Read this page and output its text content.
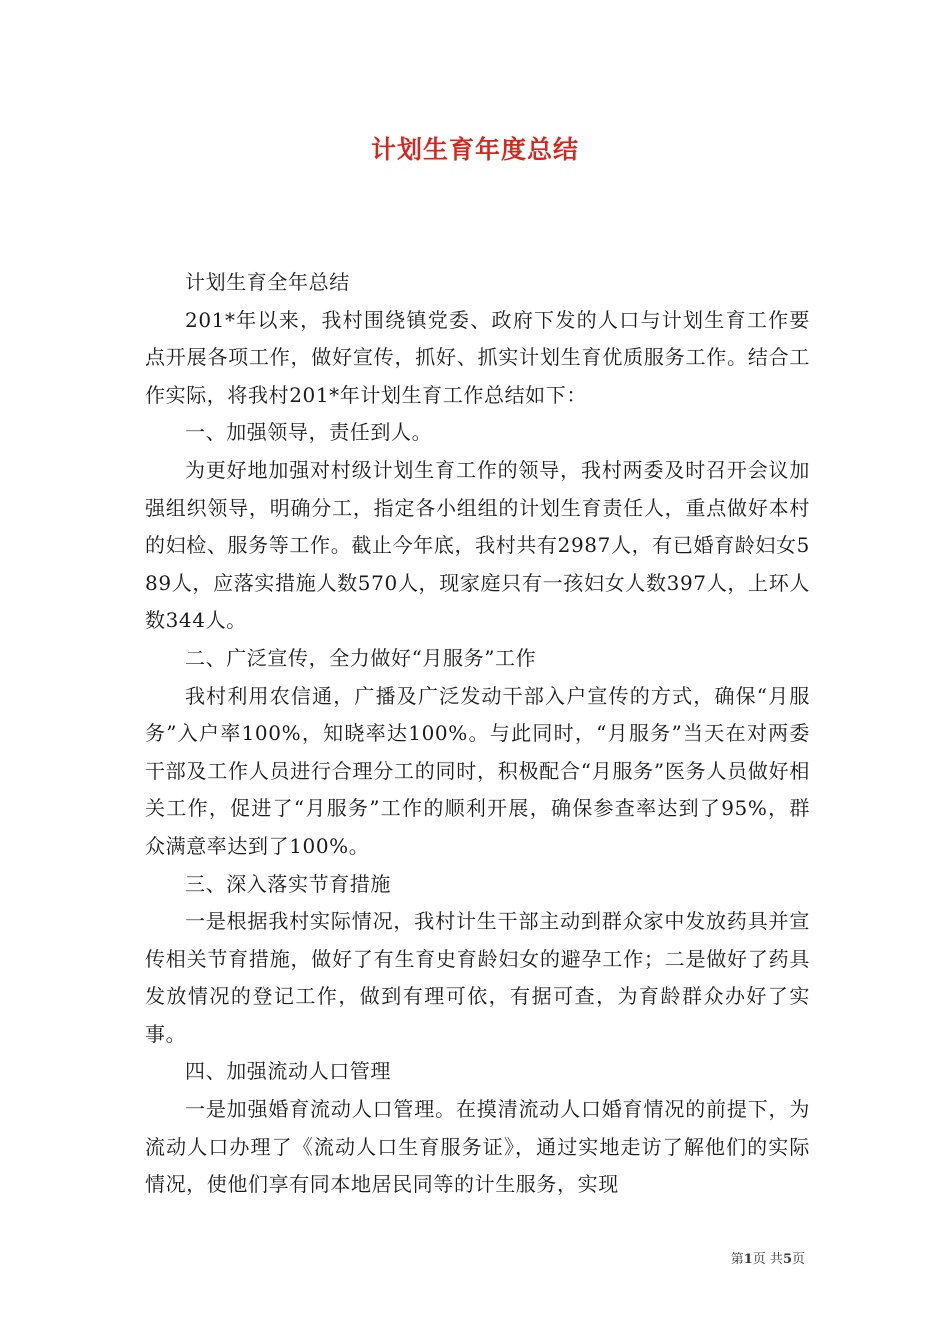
计划生育年度总结

计划生育全年总结

201*年以来，我村围绕镇党委、政府下发的人口与计划生育工作要点开展各项工作，做好宣传，抓好、抓实计划生育优质服务工作。结合工作实际，将我村201*年计划生育工作总结如下：

一、加强领导，责任到人。

为更好地加强对村级计划生育工作的领导，我村两委及时召开会议加强组织领导，明确分工，指定各小组组的计划生育责任人，重点做好本村的妇检、服务等工作。截止今年底，我村共有2987人，有已婚育龄妇女589人，应落实措施人数570人，现家庭只有一孩妇女人数397人，上环人数344人。

二、广泛宣传，全力做好“月服务”工作

我村利用农信通，广播及广泛发动干部入户宣传的方式，确保“月服务”入户率100%，知晓率达100%。与此同时，“月服务”当天在对两委干部及工作人员进行合理分工的同时，积极配合“月服务”医务人员做好相关工作，促进了“月服务”工作的顺利开展，确保参查率达到了95%，群众满意率达到了100%。

三、深入落实节育措施

一是根据我村实际情况，我村计生干部主动到群众家中发放药具并宣传相关节育措施，做好了有生育史育龄妇女的避孕工作；二是做好了药具发放情况的登记工作，做到有理可依，有据可查，为育龄群众办好了实事。

四、加强流动人口管理

一是加强婚育流动人口管理。在摸清流动人口婚育情况的前提下，为流动人口办理了《流动人口生育服务证》，通过实地走访了解他们的实际情况，使他们享有同本地居民同等的计生服务，实现

第1页 共5页
